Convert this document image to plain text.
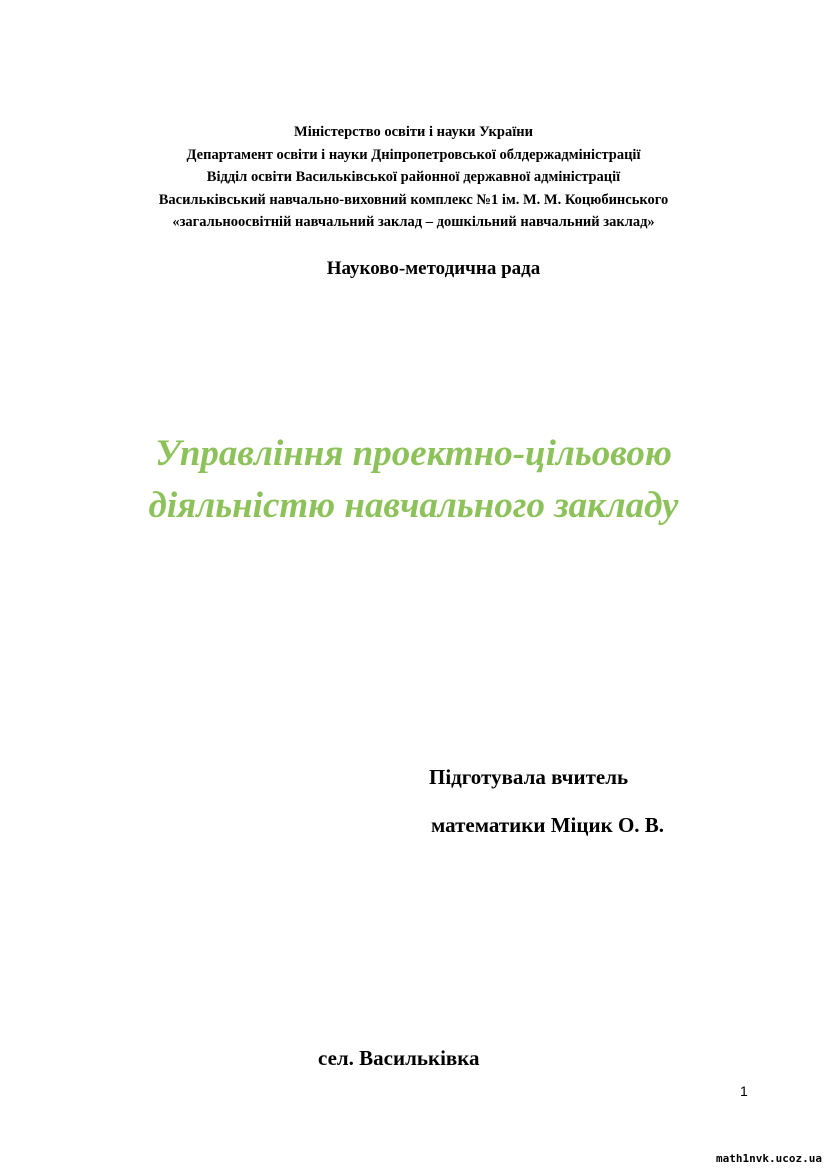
Міністерство освіти і науки України
Департамент освіти і науки Дніпропетровської облдержадміністрації
Відділ освіти Васильківської районної державної адміністрації
Васильківський навчально-виховний комплекс №1 ім. М. М. Коцюбинського
«загальноосвітній навчальний заклад – дошкільний навчальний заклад»
Науково-методична рада
Управління проектно-цільовою
діяльністю навчального закладу
Підготувала вчитель
математики Міцик О. В.
сел. Васильківка
1
math1nvk.ucoz.ua
